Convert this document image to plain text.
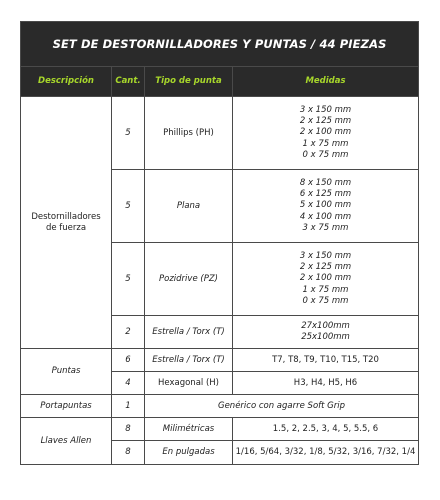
SET DE DESTORNILLADORES Y PUNTAS / 44 PIEZAS			
Descripción	Cant.	Tipo de punta	Medidas

Destornilladores de fuerza	5	Phillips (PH)	3 x 150 mm
2 x 125 mm
2 x 100 mm
1 x 75 mm
0 x 75 mm

	5	Plana	8 x 150 mm
6 x 125 mm
5 x 100 mm
4 x 100 mm
3 x 75 mm

	5	Pozidrive (PZ)	3 x 150 mm
2 x 125 mm
2 x 100 mm
1 x 75 mm
0 x 75 mm

	2	Estrella / Torx (T)	27x100mm
25x100mm

Puntas	6	Estrella / Torx (T)	T7, T8, T9, T10, T15, T20
	4	Hexagonal (H)	H3, H4, H5, H6
Portapuntas	1	Genérico con agarre Soft Grip	
Llaves Allen	8	Milimétricas	1.5, 2, 2.5, 3, 4, 5, 5.5, 6
	8	En pulgadas	1/16, 5/64, 3/32, 1/8, 5/32, 3/16, 7/32, 1/4
